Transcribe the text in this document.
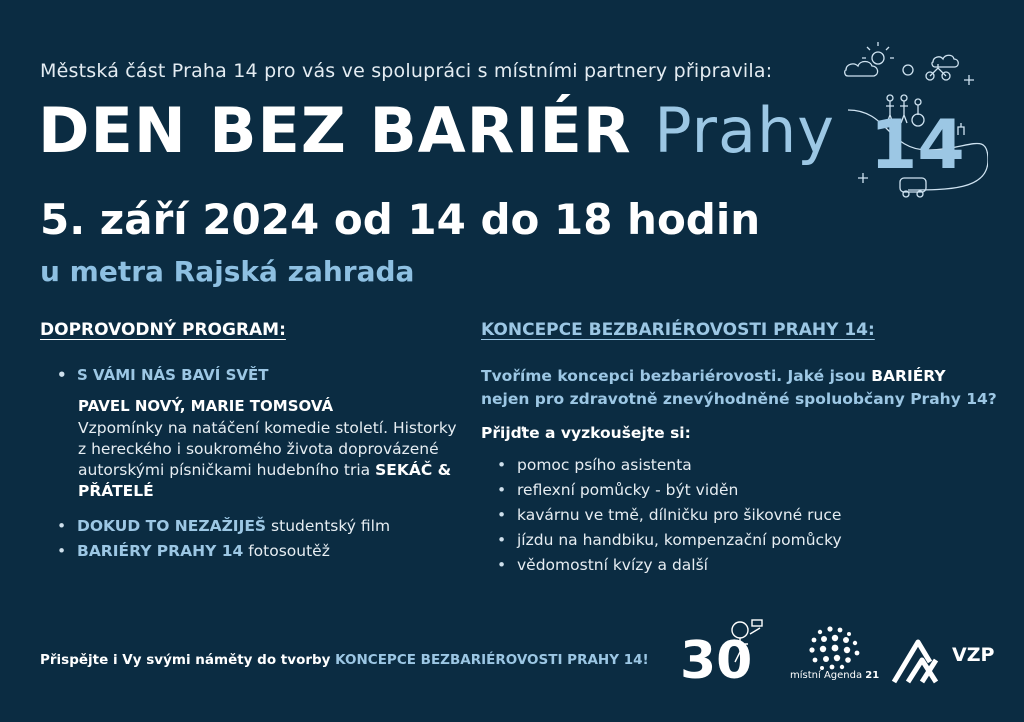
Městská část Praha 14 pro vás ve spolupráci s místními partnery připravila:
DEN BEZ BARIÉR Prahy 14
5. září 2024 od 14 do 18 hodin
u metra Rajská zahrada
DOPROVODNÝ PROGRAM:	KONCEPCE BEZBARIÉROVOSTI PRAHY 14:
• S VÁMI NÁS BAVÍ SVĚT
PAVEL NOVÝ, MARIE TOMSOVÁ
Vzpomínky na natáčení komedie století. Historky z hereckého i soukromého života doprovázené autorskými písničkami hudebního tria SEKÁČ & PŘÁTELÉ
• DOKUD TO NEZAŽIJEŠ studentský film
• BARIÉRY PRAHY 14 fotosoutěž
Tvoříme koncepci bezbariérovosti. Jaké jsou BARIÉRY
nejen pro zdravotně znevýhodněné spoluobčany Prahy 14?
Přijďte a vyzkoušejte si:
• pomoc psího asistenta
• reflexní pomůcky - být viděn
• kavárnu ve tmě, dílničku pro šikovné ruce
• jízdu na handbiku, kompenzační pomůcky
• vědomostní kvízy a další
Přispějte i Vy svými náměty do tvorby KONCEPCE BEZBARIÉROVOSTI PRAHY 14! 30	místní Agenda 21
VZP
